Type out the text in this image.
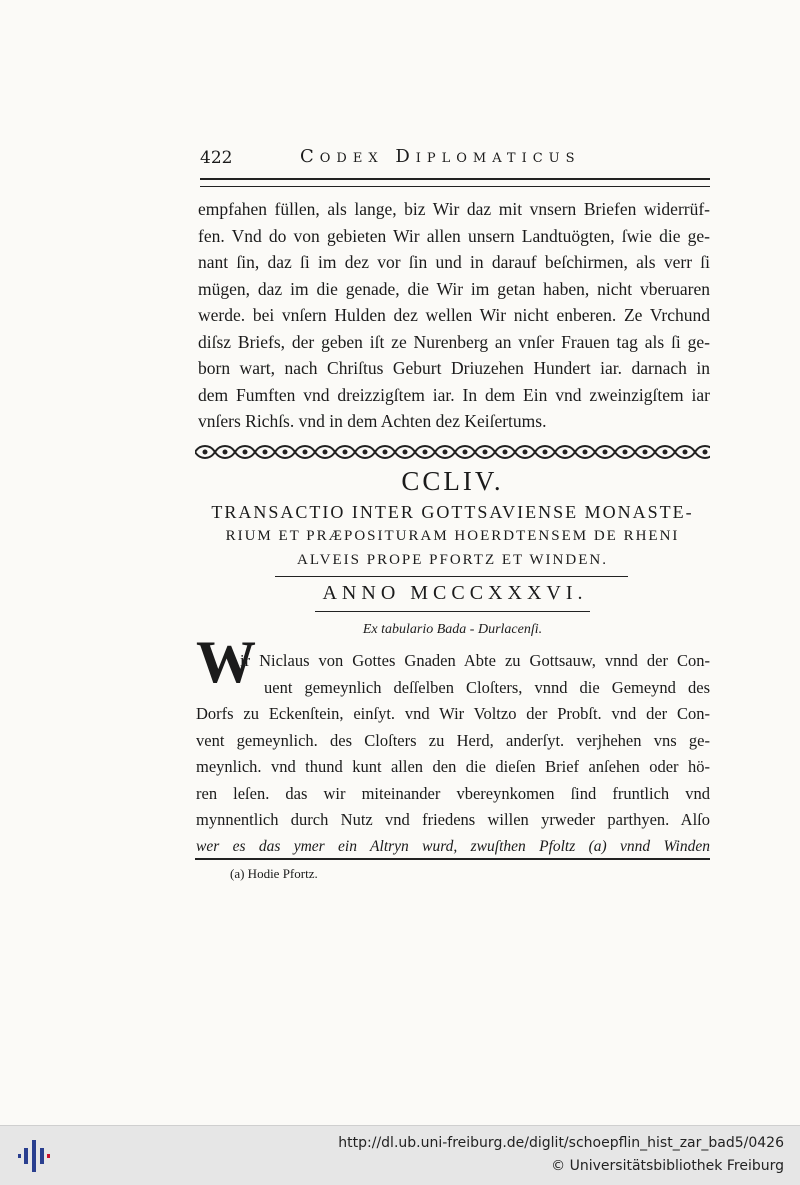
422	Codex Diplomaticus
empfahen füllen, als lange, biz Wir daz mit vnsern Briefen widerrüf-
fen. Vnd do von gebieten Wir allen unsern Landtuögten, ſwie die ge-
nant ſin, daz ſi im dez vor ſin und in darauf beſchirmen, als verr ſi
mügen, daz im die genade, die Wir im getan haben, nicht vberuaren
werde. bei vnſern Hulden dez wellen Wir nicht enberen. Ze Vrchund
diſsz Briefs, der geben iſt ze Nurenberg an vnſer Frauen tag als ſi ge-
born wart, nach Chriſtus Geburt Driuzehen Hundert iar. darnach in
dem Fumften vnd dreizzigſtem iar. In dem Ein vnd zweinzigſtem iar
vnſers Richſs. vnd in dem Achten dez Keiſertums.
CCLIV.
TRANSACTIO INTER GOTTSAVIENSE MONASTE-
RIUM ET PRÆPOSITURAM HOERDTENSEM DE RHENI
ALVEIS PROPE PFORTZ ET WINDEN.
ANNO MCCCXXXVI.
Ex tabulario Bada - Durlacenſi.
W
ir Niclaus von Gottes Gnaden Abte zu Gottsauw, vnnd der Con-
uent gemeynlich deſſelben Cloſters, vnnd die Gemeynd des
Dorfs zu Eckenſtein, einſyt. vnd Wir Voltzo der Probſt. vnd der Con-
vent gemeynlich. des Cloſters zu Herd, anderſyt. verjhehen vns ge-
meynlich. vnd thund kunt allen den die dieſen Brief anſehen oder hö-
ren leſen. das wir miteinander vbereynkomen ſind fruntlich vnd
mynnentlich durch Nutz vnd friedens willen yrweder parthyen. Alſo
wer es das ymer ein Altryn wurd, zwuſthen Pfoltz (a) vnnd Winden
(a) Hodie Pfortz.
http://dl.ub.uni-freiburg.de/diglit/schoepflin_hist_zar_bad5/0426
© Universitätsbibliothek Freiburg
